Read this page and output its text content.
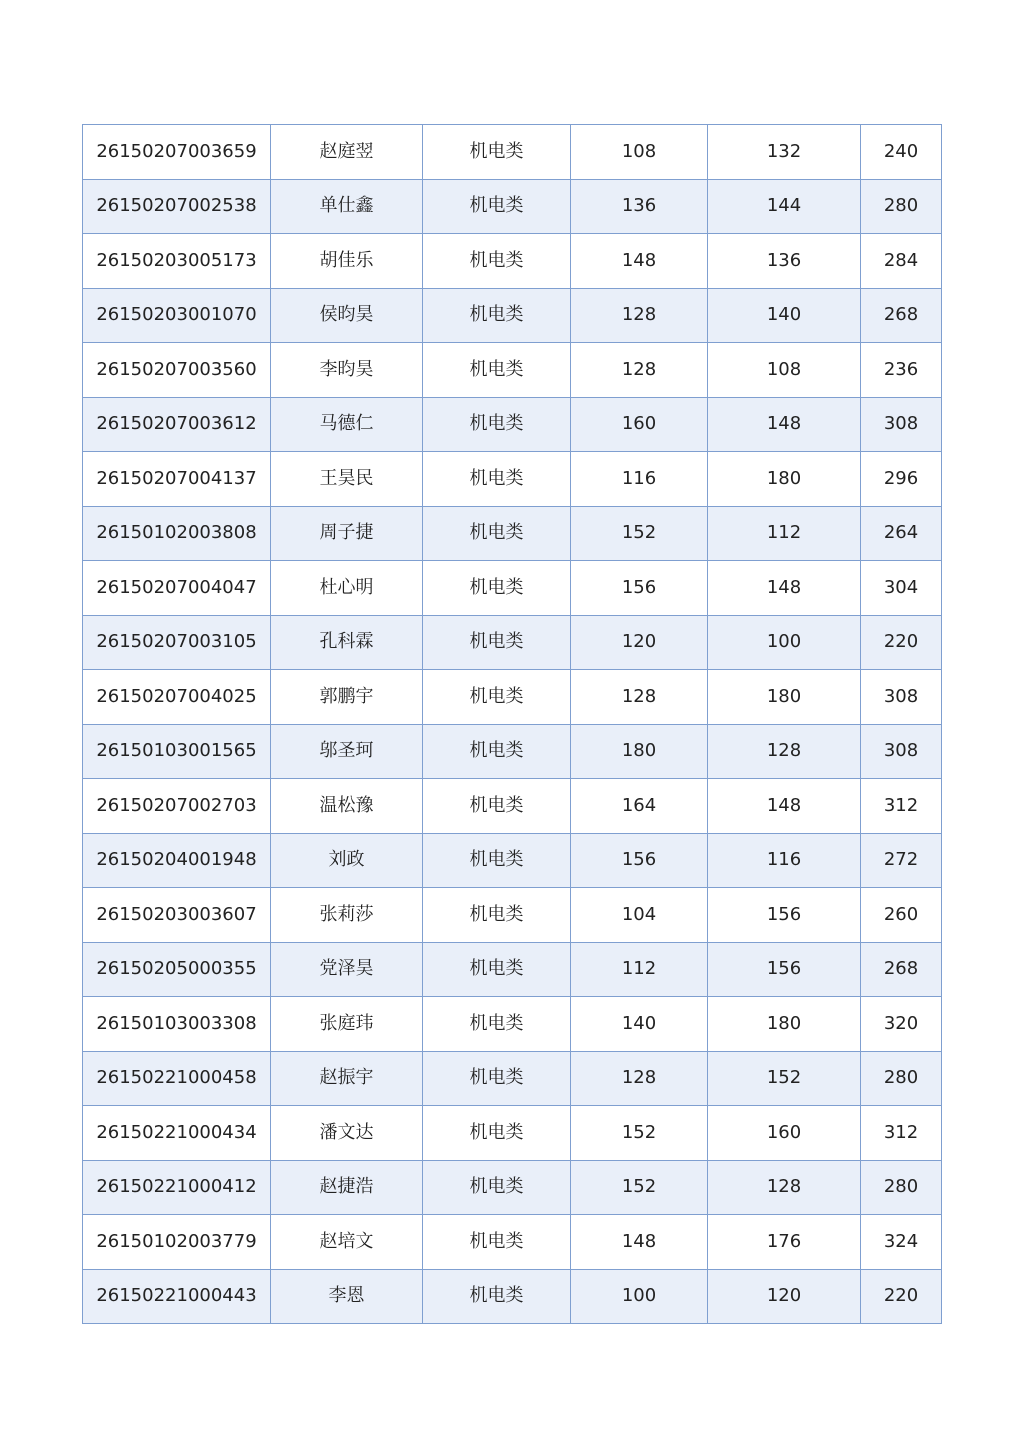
26150207003659	赵庭翌	机电类	108	132	240
26150207002538	单仕鑫	机电类	136	144	280
26150203005173	胡佳乐	机电类	148	136	284
26150203001070	侯昀昊	机电类	128	140	268
26150207003560	李昀昊	机电类	128	108	236
26150207003612	马德仁	机电类	160	148	308
26150207004137	王昊民	机电类	116	180	296
26150102003808	周子捷	机电类	152	112	264
26150207004047	杜心明	机电类	156	148	304
26150207003105	孔科霖	机电类	120	100	220
26150207004025	郭鹏宇	机电类	128	180	308
26150103001565	邬圣珂	机电类	180	128	308
26150207002703	温松豫	机电类	164	148	312
26150204001948	刘政	机电类	156	116	272
26150203003607	张莉莎	机电类	104	156	260
26150205000355	党泽昊	机电类	112	156	268
26150103003308	张庭玮	机电类	140	180	320
26150221000458	赵振宇	机电类	128	152	280
26150221000434	潘文达	机电类	152	160	312
26150221000412	赵捷浩	机电类	152	128	280
26150102003779	赵培文	机电类	148	176	324
26150221000443	李恩	机电类	100	120	220
